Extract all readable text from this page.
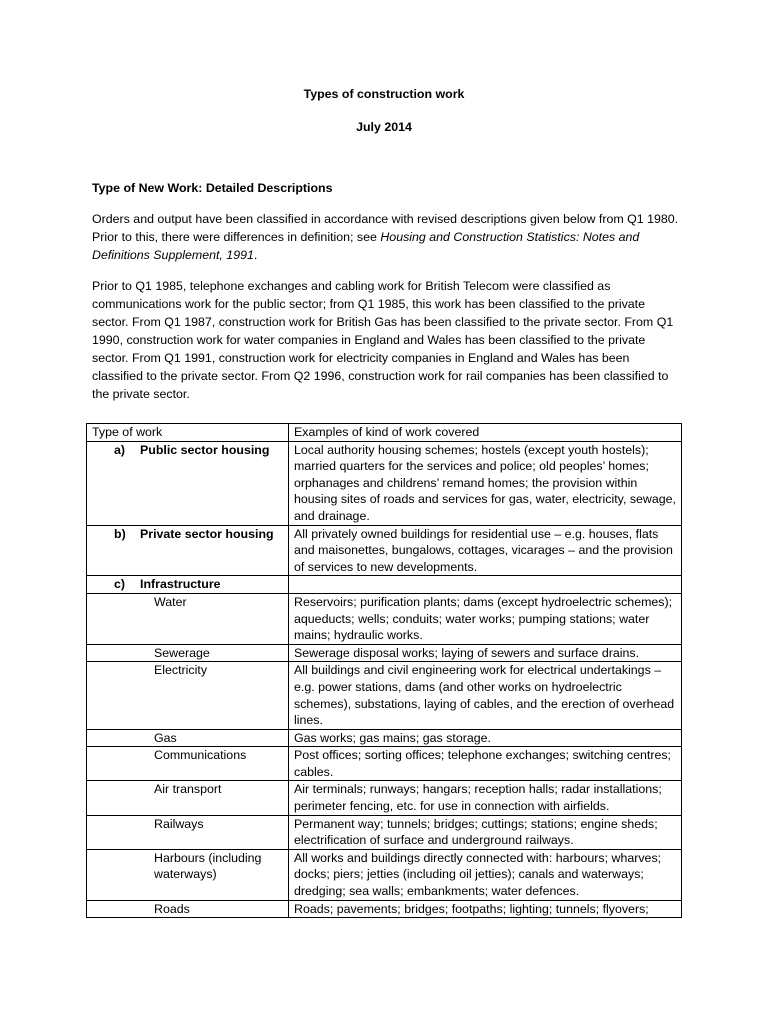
Types of construction work
July 2014
Type of New Work: Detailed Descriptions

Orders and output have been classified in accordance with revised descriptions given below from Q1 1980. Prior to this, there were differences in definition; see Housing and Construction Statistics: Notes and Definitions Supplement, 1991.

Prior to Q1 1985, telephone exchanges and cabling work for British Telecom were classified as communications work for the public sector; from Q1 1985, this work has been classified to the private sector. From Q1 1987, construction work for British Gas has been classified to the private sector. From Q1 1990, construction work for water companies in England and Wales has been classified to the private sector. From Q1 1991, construction work for electricity companies in England and Wales has been classified to the private sector. From Q2 1996, construction work for rail companies has been classified to the private sector.

Type of work	Examples of kind of work covered
a) Public sector housing	Local authority housing schemes; hostels (except youth hostels); married quarters for the services and police; old peoples’ homes; orphanages and childrens’ remand homes; the provision within housing sites of roads and services for gas, water, electricity, sewage, and drainage.
b) Private sector housing	All privately owned buildings for residential use – e.g. houses, flats and maisonettes, bungalows, cottages, vicarages – and the provision of services to new developments.
c) Infrastructure	

Water	Reservoirs; purification plants; dams (except hydroelectric schemes); aqueducts; wells; conduits; water works; pumping stations; water mains; hydraulic works.

Sewerage	Sewerage disposal works; laying of sewers and surface drains.

Electricity	All buildings and civil engineering work for electrical undertakings – e.g. power stations, dams (and other works on hydroelectric schemes), substations, laying of cables, and the erection of overhead lines.

Gas	Gas works; gas mains; gas storage.

Communications	Post offices; sorting offices; telephone exchanges; switching centres; cables.

Air transport	Air terminals; runways; hangars; reception halls; radar installations; perimeter fencing, etc. for use in connection with airfields.

Railways	Permanent way; tunnels; bridges; cuttings; stations; engine sheds; electrification of surface and underground railways.

Harbours (including waterways)	All works and buildings directly connected with: harbours; wharves; docks; piers; jetties (including oil jetties); canals and waterways; dredging; sea walls; embankments; water defences.

Roads	Roads; pavements; bridges; footpaths; lighting; tunnels; flyovers;
